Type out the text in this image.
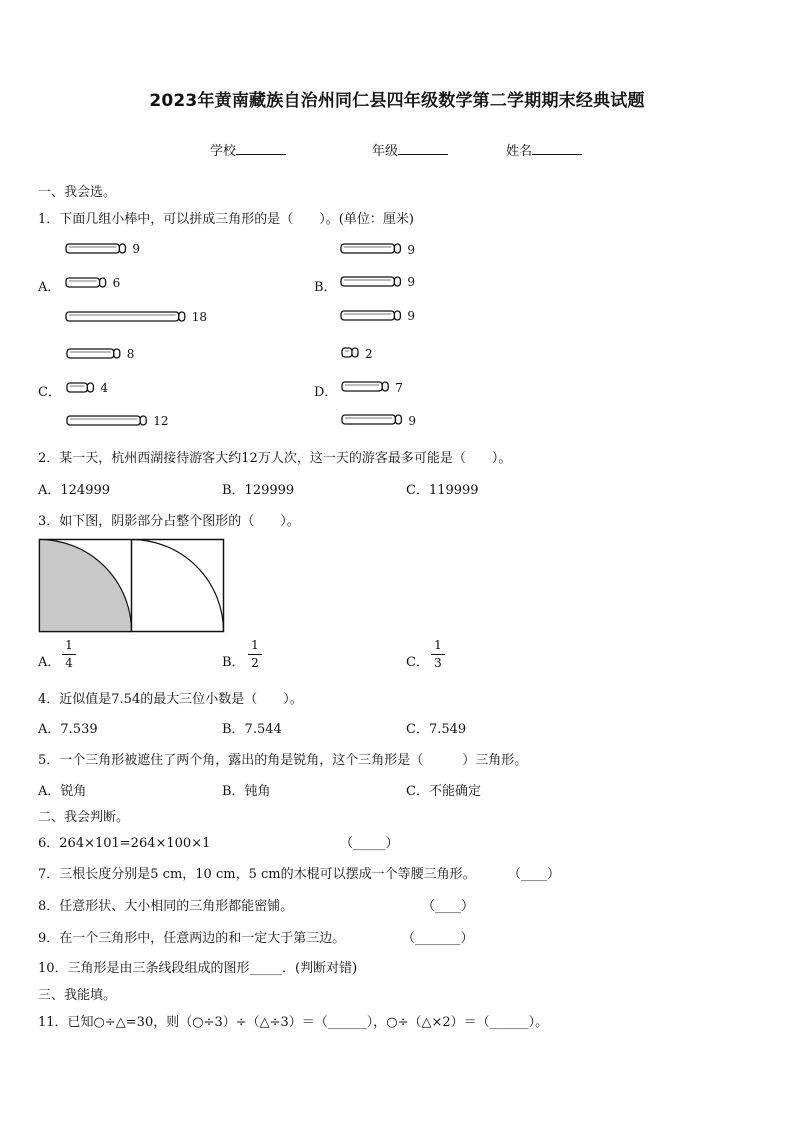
2023年黄南藏族自治州同仁县四年级数学第二学期期末经典试题
学校	年级	姓名
一、我会选。
1．下面几组小棒中，可以拼成三角形的是（　　）。(单位：厘米)
A．	B．
C．	D．
9
6
18
9
9
9
8
4
12
2
7
9
2．某一天，杭州西湖接待游客大约12万人次，这一天的游客最多可能是（　　）。
A．124999	B．129999	C．119999
3．如下图，阴影部分占整个图形的（　　）。
A．
1
4	B．
1
2	C．
1
3
4．近似值是7.54的最大三位小数是（　　）。
A．7.539	B．7.544	C．7.549
5．一个三角形被遮住了两个角，露出的角是锐角，这个三角形是（　　　）三角形。
A．锐角	B．钝角	C．不能确定
二、我会判断。
6．264×101=264×100×1	（_____）
7．三根长度分别是5 cm，10 cm，5 cm的木棍可以摆成一个等腰三角形。 （____）
8．任意形状、大小相同的三角形都能密铺。	（____）
9．在一个三角形中，任意两边的和一定大于第三边。	（_______）
10．三角形是由三条线段组成的图形_____．(判断对错)
三、我能填。
11．已知○÷△=30，则（○÷3）÷（△÷3）＝（______），○÷（△×2）＝（______）。
